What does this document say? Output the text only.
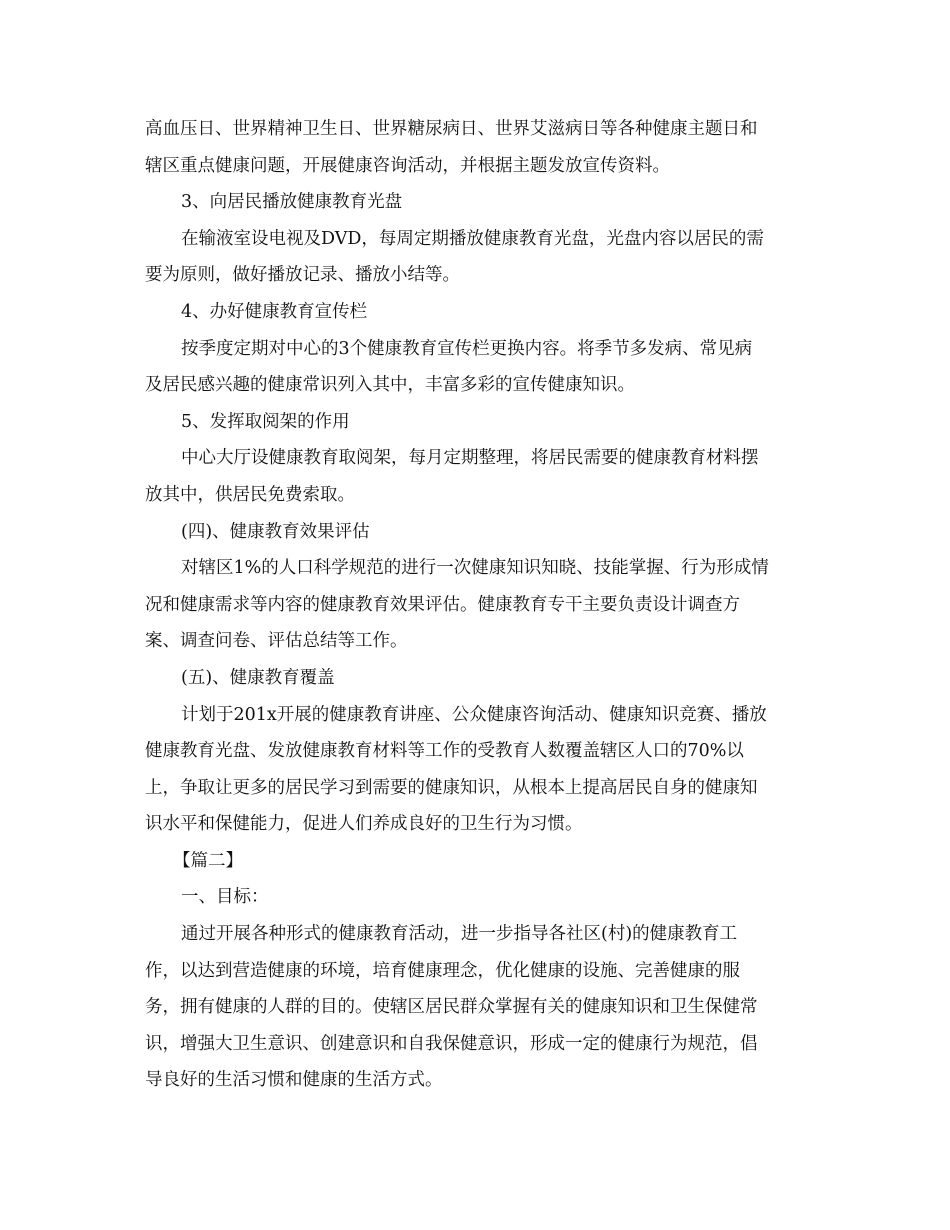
高血压日、世界精神卫生日、世界糖尿病日、世界艾滋病日等各种健康主题日和
辖区重点健康问题，开展健康咨询活动，并根据主题发放宣传资料。
3、向居民播放健康教育光盘
在输液室设电视及DVD，每周定期播放健康教育光盘，光盘内容以居民的需
要为原则，做好播放记录、播放小结等。
4、办好健康教育宣传栏
按季度定期对中心的3个健康教育宣传栏更换内容。将季节多发病、常见病
及居民感兴趣的健康常识列入其中，丰富多彩的宣传健康知识。
5、发挥取阅架的作用
中心大厅设健康教育取阅架，每月定期整理，将居民需要的健康教育材料摆
放其中，供居民免费索取。
(四)、健康教育效果评估
对辖区1%的人口科学规范的进行一次健康知识知晓、技能掌握、行为形成情
况和健康需求等内容的健康教育效果评估。健康教育专干主要负责设计调查方
案、调查问卷、评估总结等工作。
(五)、健康教育覆盖
计划于201x开展的健康教育讲座、公众健康咨询活动、健康知识竞赛、播放
健康教育光盘、发放健康教育材料等工作的受教育人数覆盖辖区人口的70%以
上，争取让更多的居民学习到需要的健康知识，从根本上提高居民自身的健康知
识水平和保健能力，促进人们养成良好的卫生行为习惯。
【篇二】
一、目标：
通过开展各种形式的健康教育活动，进一步指导各社区(村)的健康教育工
作，以达到营造健康的环境，培育健康理念，优化健康的设施、完善健康的服
务，拥有健康的人群的目的。使辖区居民群众掌握有关的健康知识和卫生保健常
识，增强大卫生意识、创建意识和自我保健意识，形成一定的健康行为规范，倡
导良好的生活习惯和健康的生活方式。
